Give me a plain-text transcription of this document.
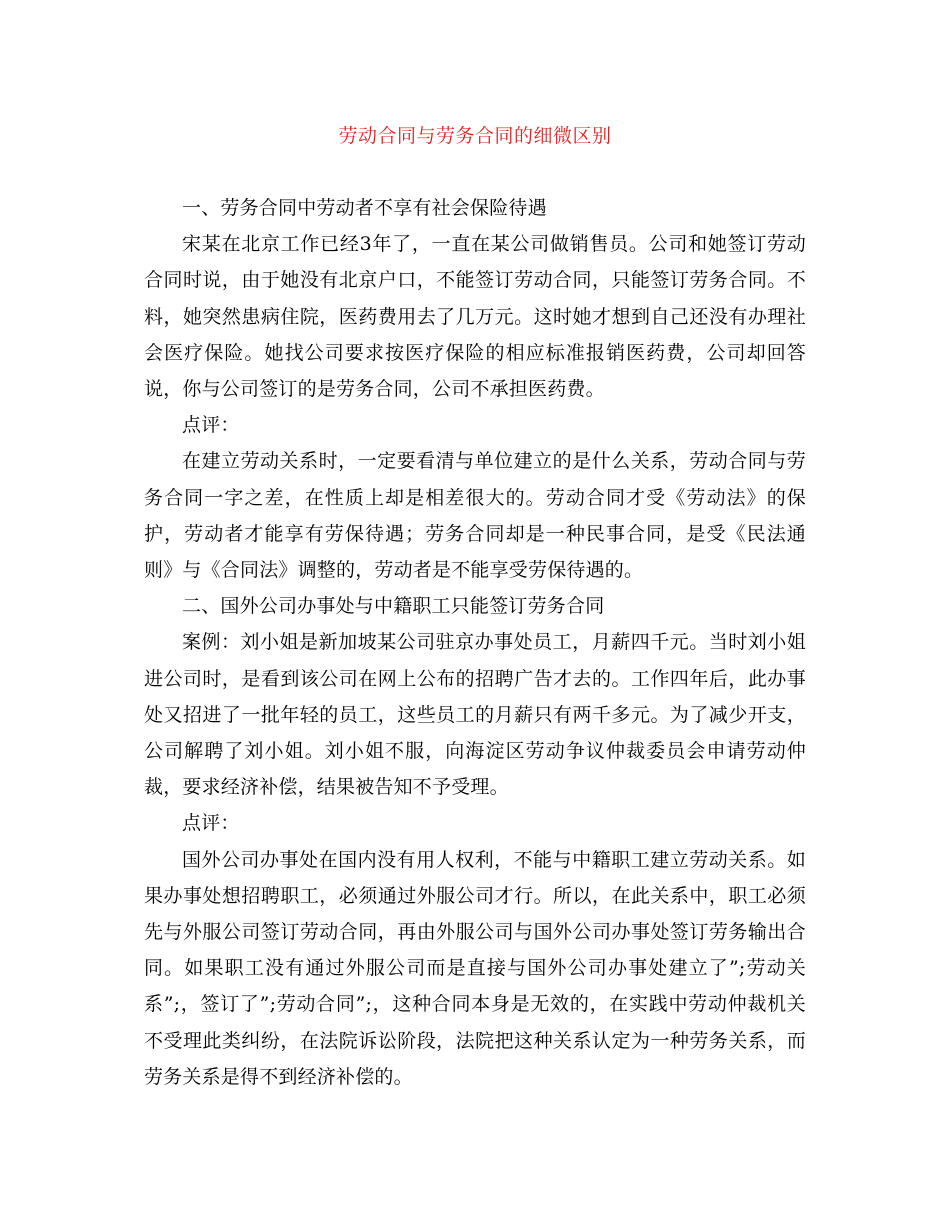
劳动合同与劳务合同的细微区别

一、劳务合同中劳动者不享有社会保险待遇

宋某在北京工作已经3年了，一直在某公司做销售员。公司和她签订劳动合同时说，由于她没有北京户口，不能签订劳动合同，只能签订劳务合同。不料，她突然患病住院，医药费用去了几万元。这时她才想到自己还没有办理社会医疗保险。她找公司要求按医疗保险的相应标准报销医药费，公司却回答说，你与公司签订的是劳务合同，公司不承担医药费。

点评：

在建立劳动关系时，一定要看清与单位建立的是什么关系，劳动合同与劳务合同一字之差，在性质上却是相差很大的。劳动合同才受《劳动法》的保护，劳动者才能享有劳保待遇；劳务合同却是一种民事合同，是受《民法通则》与《合同法》调整的，劳动者是不能享受劳保待遇的。

二、国外公司办事处与中籍职工只能签订劳务合同

案例：刘小姐是新加坡某公司驻京办事处员工，月薪四千元。当时刘小姐进公司时，是看到该公司在网上公布的招聘广告才去的。工作四年后，此办事处又招进了一批年轻的员工，这些员工的月薪只有两千多元。为了减少开支，公司解聘了刘小姐。刘小姐不服，向海淀区劳动争议仲裁委员会申请劳动仲裁，要求经济补偿，结果被告知不予受理。

点评：

国外公司办事处在国内没有用人权利，不能与中籍职工建立劳动关系。如果办事处想招聘职工，必须通过外服公司才行。所以，在此关系中，职工必须先与外服公司签订劳动合同，再由外服公司与国外公司办事处签订劳务输出合同。如果职工没有通过外服公司而是直接与国外公司办事处建立了”;劳动关系”;，签订了”;劳动合同”;，这种合同本身是无效的，在实践中劳动仲裁机关不受理此类纠纷，在法院诉讼阶段，法院把这种关系认定为一种劳务关系，而劳务关系是得不到经济补偿的。
